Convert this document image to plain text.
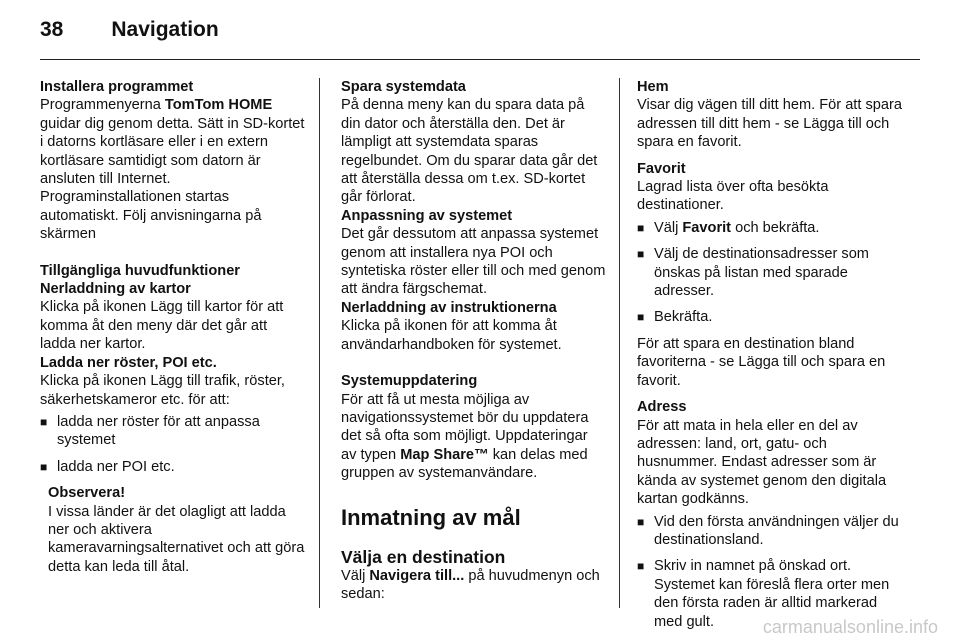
38 Navigation

Installera programmet

Programmenyerna TomTom HOME guidar dig genom detta. Sätt in SD-kortet i datorns kortläsare eller i en extern kortläsare samtidigt som datorn är ansluten till Internet. Programinstallationen startas automatiskt. Följ anvisningarna på skärmen

Tillgängliga huvudfunktioner

Nerladdning av kartor

Klicka på ikonen Lägg till kartor för att komma åt den meny där det går att ladda ner kartor.

Ladda ner röster, POI etc.

Klicka på ikonen Lägg till trafik, röster, säkerhetskameror etc. för att:

■ ladda ner röster för att anpassa systemet
■ ladda ner POI etc.

Observera!

I vissa länder är det olagligt att ladda ner och aktivera kameravarningsalternativet och att göra detta kan leda till åtal.

Spara systemdata

På denna meny kan du spara data på din dator och återställa den. Det är lämpligt att systemdata sparas regelbundet. Om du sparar data går det att återställa dessa om t.ex. SD-kortet går förlorat.

Anpassning av systemet

Det går dessutom att anpassa systemet genom att installera nya POI och syntetiska röster eller till och med genom att ändra färgschemat.

Nerladdning av instruktionerna

Klicka på ikonen för att komma åt användarhandboken för systemet.

Systemuppdatering

För att få ut mesta möjliga av navigationssystemet bör du uppdatera det så ofta som möjligt. Uppdateringar av typen Map Share™ kan delas med gruppen av systemanvändare.

Inmatning av mål

Välja en destination

Välj Navigera till... på huvudmenyn och sedan:

Hem

Visar dig vägen till ditt hem. För att spara adressen till ditt hem - se Lägga till och spara en favorit.

Favorit

Lagrad lista över ofta besökta destinationer.

■ Välj Favorit och bekräfta.
■ Välj de destinationsadresser som önskas på listan med sparade adresser.
■ Bekräfta.

För att spara en destination bland favoriterna - se Lägga till och spara en favorit.

Adress

För att mata in hela eller en del av adressen: land, ort, gatu- och husnummer. Endast adresser som är kända av systemet genom den digitala kartan godkänns.

■ Vid den första användningen väljer du destinationsland.
■ Skriv in namnet på önskad ort. Systemet kan föreslå flera orter men den första raden är alltid markerad med gult.	carmanualsonline.info
